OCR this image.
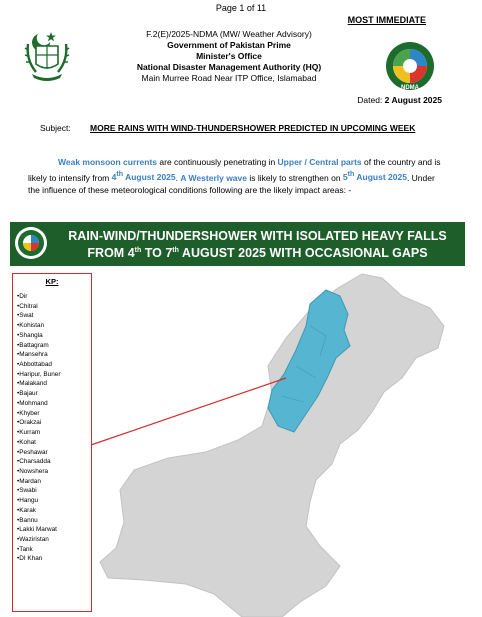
Page 1 of 11
MOST IMMEDIATE
F.2(E)/2025-NDMA (MW/ Weather Advisory)
Government of Pakistan Prime
Minister's Office
National Disaster Management Authority (HQ)
Main Murree Road Near ITP Office, Islamabad
NDMA
Dated: 2 August 2025
Subject: MORE RAINS WITH WIND-THUNDERSHOWER PREDICTED IN UPCOMING WEEK
Weak monsoon currents are continuously penetrating in Upper / Central parts of the country and is likely to intensify from 4th August 2025. A Westerly wave is likely to strengthen on 5th August 2025. Under the influence of these meteorological conditions following are the likely impact areas: -
RAIN-WIND/THUNDERSHOWER WITH ISOLATED HEAVY FALLS
FROM 4th TO 7th AUGUST 2025 WITH OCCASIONAL GAPS
KP:
• Dir
• Chitral
• Swat
• Kohistan
• Shangla
• Battagram
• Mansehra
• Abbottabad
• Haripur, Buner
• Malakand
• Bajaur
• Mohmand
• Khyber
• Orakzai
• Kurram
• Kohat
• Peshawar
• Charsadda
• Nowshera
• Mardan
• Swabi
• Hangu
• Karak
• Bannu
• Lakki Marwat
• Waziristan
• Tank
• DI Khan
